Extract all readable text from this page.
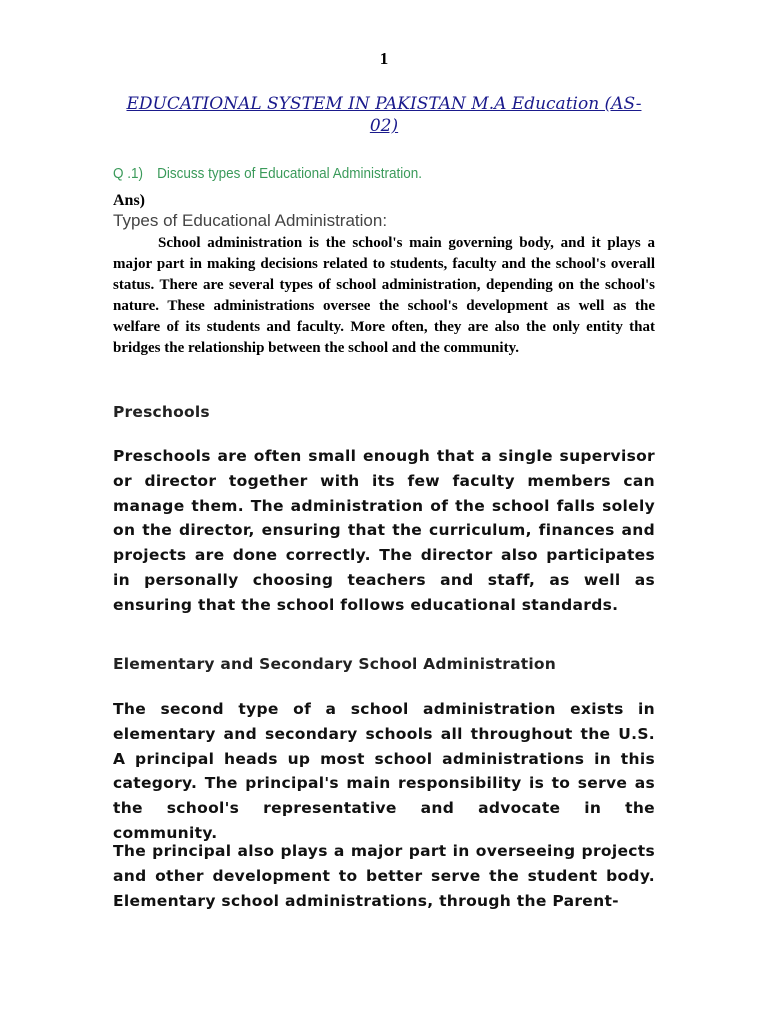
1
EDUCATIONAL SYSTEM IN PAKISTAN M.A Education (AS-02)
Q .1) Discuss types of Educational Administration.
Ans)
Types of Educational Administration:

School administration is the school's main governing body, and it plays a major part in making decisions related to students, faculty and the school's overall status. There are several types of school administration, depending on the school's nature. These administrations oversee the school's development as well as the welfare of its students and faculty. More often, they are also the only entity that bridges the relationship between the school and the community.

Preschools

Preschools are often small enough that a single supervisor or director together with its few faculty members can manage them. The administration of the school falls solely on the director, ensuring that the curriculum, finances and projects are done correctly. The director also participates in personally choosing teachers and staff, as well as ensuring that the school follows educational standards.

Elementary and Secondary School Administration

The second type of a school administration exists in elementary and secondary schools all throughout the U.S. A principal heads up most school administrations in this category. The principal's main responsibility is to serve as the school's representative and advocate in the community.

The principal also plays a major part in overseeing projects and other development to better serve the student body. Elementary school administrations, through the Parent-
